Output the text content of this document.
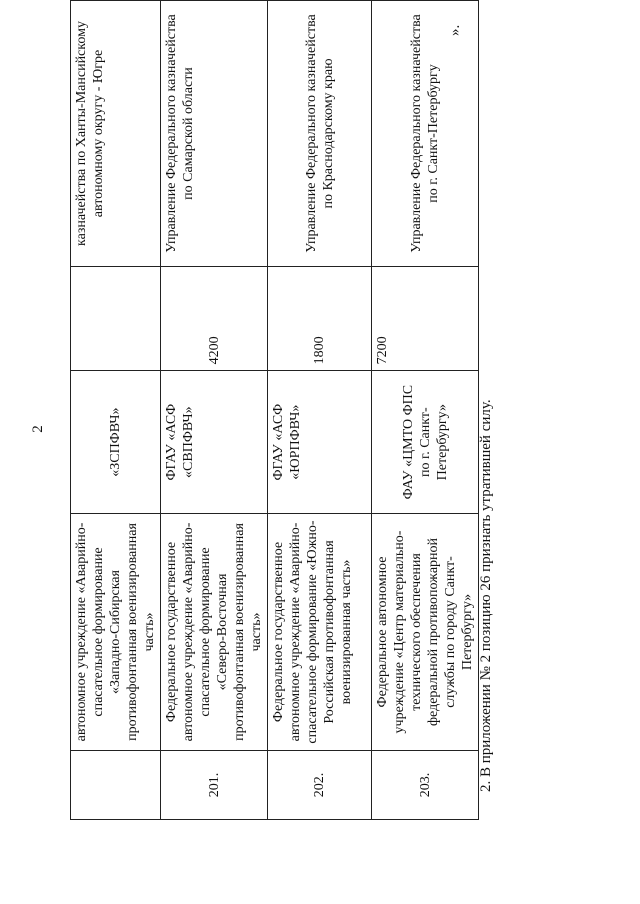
2
	автономное учреждение «Аварийно-спасательное формирование «Западно-Сибирская противофонтанная военизированная часть»	«ЗСПФВЧ»		казначейства по Ханты-Мансийскому автономному округу - Югре
201.	Федеральное государственное автономное учреждение «Аварийно-спасательное формирование «Северо-Восточная противофонтанная военизированная часть»	ФГАУ «АСФ «СВПФВЧ»	4200	Управление Федерального казначейства по Самарской области
202.	Федеральное государственное автономное учреждение «Аварийно-спасательное формирование «Южно-Российская противофонтанная военизированная часть»	ФГАУ «АСФ «ЮРПФВЧ»	1800	Управление Федерального казначейства по Краснодарскому краю
203.	Федеральное автономное учреждение «Центр материально-технического обеспечения федеральной противопожарной службы по городу Санкт-Петербургу»	ФАУ «ЦМТО ФПС по г. Санкт-Петербургу»	7200	Управление Федерального казначейства по г. Санкт-Петербургу
».
2. В приложении № 2 позицию 26 признать утратившей силу.
